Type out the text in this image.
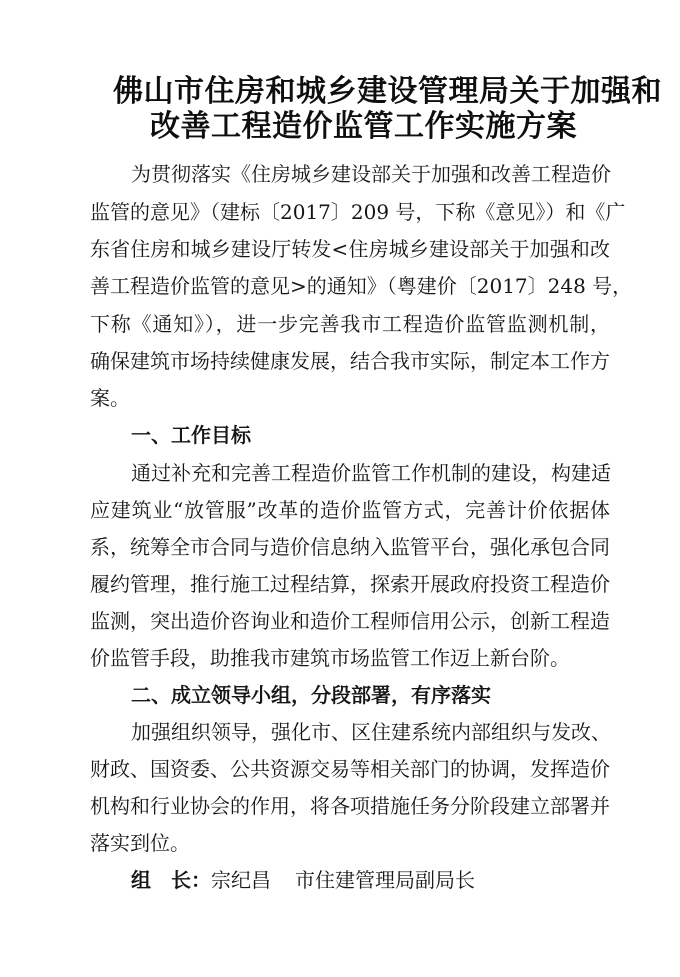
佛山市住房和城乡建设管理局关于加强和
改善工程造价监管工作实施方案
为贯彻落实《住房城乡建设部关于加强和改善工程造价
监管的意见》（建标〔2017〕209 号，下称《意见》）和《广
东省住房和城乡建设厅转发<住房城乡建设部关于加强和改
善工程造价监管的意见>的通知》（粤建价〔2017〕248 号，
下称《通知》），进一步完善我市工程造价监管监测机制，
确保建筑市场持续健康发展，结合我市实际，制定本工作方
案。
一、工作目标
通过补充和完善工程造价监管工作机制的建设，构建适
应建筑业“放管服”改革的造价监管方式，完善计价依据体
系，统筹全市合同与造价信息纳入监管平台，强化承包合同
履约管理，推行施工过程结算，探索开展政府投资工程造价
监测，突出造价咨询业和造价工程师信用公示，创新工程造
价监管手段，助推我市建筑市场监管工作迈上新台阶。
二、成立领导小组，分段部署，有序落实
加强组织领导，强化市、区住建系统内部组织与发改、
财政、国资委、公共资源交易等相关部门的协调，发挥造价
机构和行业协会的作用，将各项措施任务分阶段建立部署并
落实到位。
组　长：宗纪昌 市住建管理局副局长
